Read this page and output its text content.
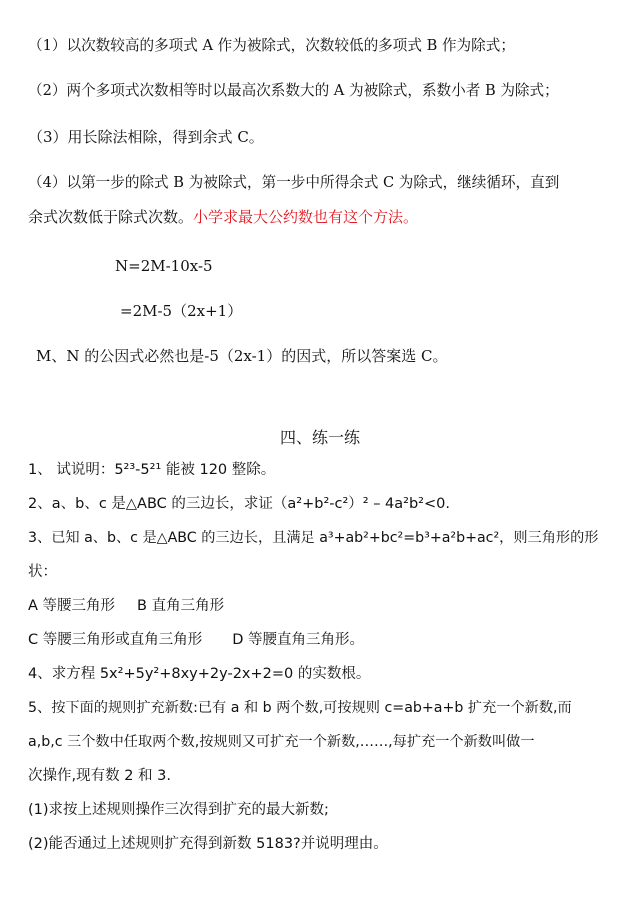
（1）以次数较高的多项式 A 作为被除式，次数较低的多项式 B 作为除式；
（2）两个多项式次数相等时以最高次系数大的 A 为被除式，系数小者 B 为除式；
（3）用长除法相除，得到余式 C。
（4）以第一步的除式 B 为被除式，第一步中所得余式 C 为除式，继续循环，直到
余式次数低于除式次数。小学求最大公约数也有这个方法。
N=2M-10x-5
=2M-5（2x+1）
M、N 的公因式必然也是-5（2x-1）的因式，所以答案选 C。
四、练一练
1、 试说明：5²³-5²¹ 能被 120 整除。
2、a、b、c 是△ABC 的三边长，求证（a²+b²-c²）² – 4a²b²<0.
3、已知 a、b、c 是△ABC 的三边长，且满足 a³+ab²+bc²=b³+a²b+ac²，则三角形的形
状：
A 等腰三角形 B 直角三角形
C 等腰三角形或直角三角形 D 等腰直角三角形。
4、求方程 5x²+5y²+8xy+2y-2x+2=0 的实数根。
5、按下面的规则扩充新数:已有 a 和 b 两个数,可按规则 c=ab+a+b 扩充一个新数,而
a,b,c 三个数中任取两个数,按规则又可扩充一个新数,……,每扩充一个新数叫做一
次操作,现有数 2 和 3.
(1)求按上述规则操作三次得到扩充的最大新数;
(2)能否通过上述规则扩充得到新数 5183?并说明理由。
